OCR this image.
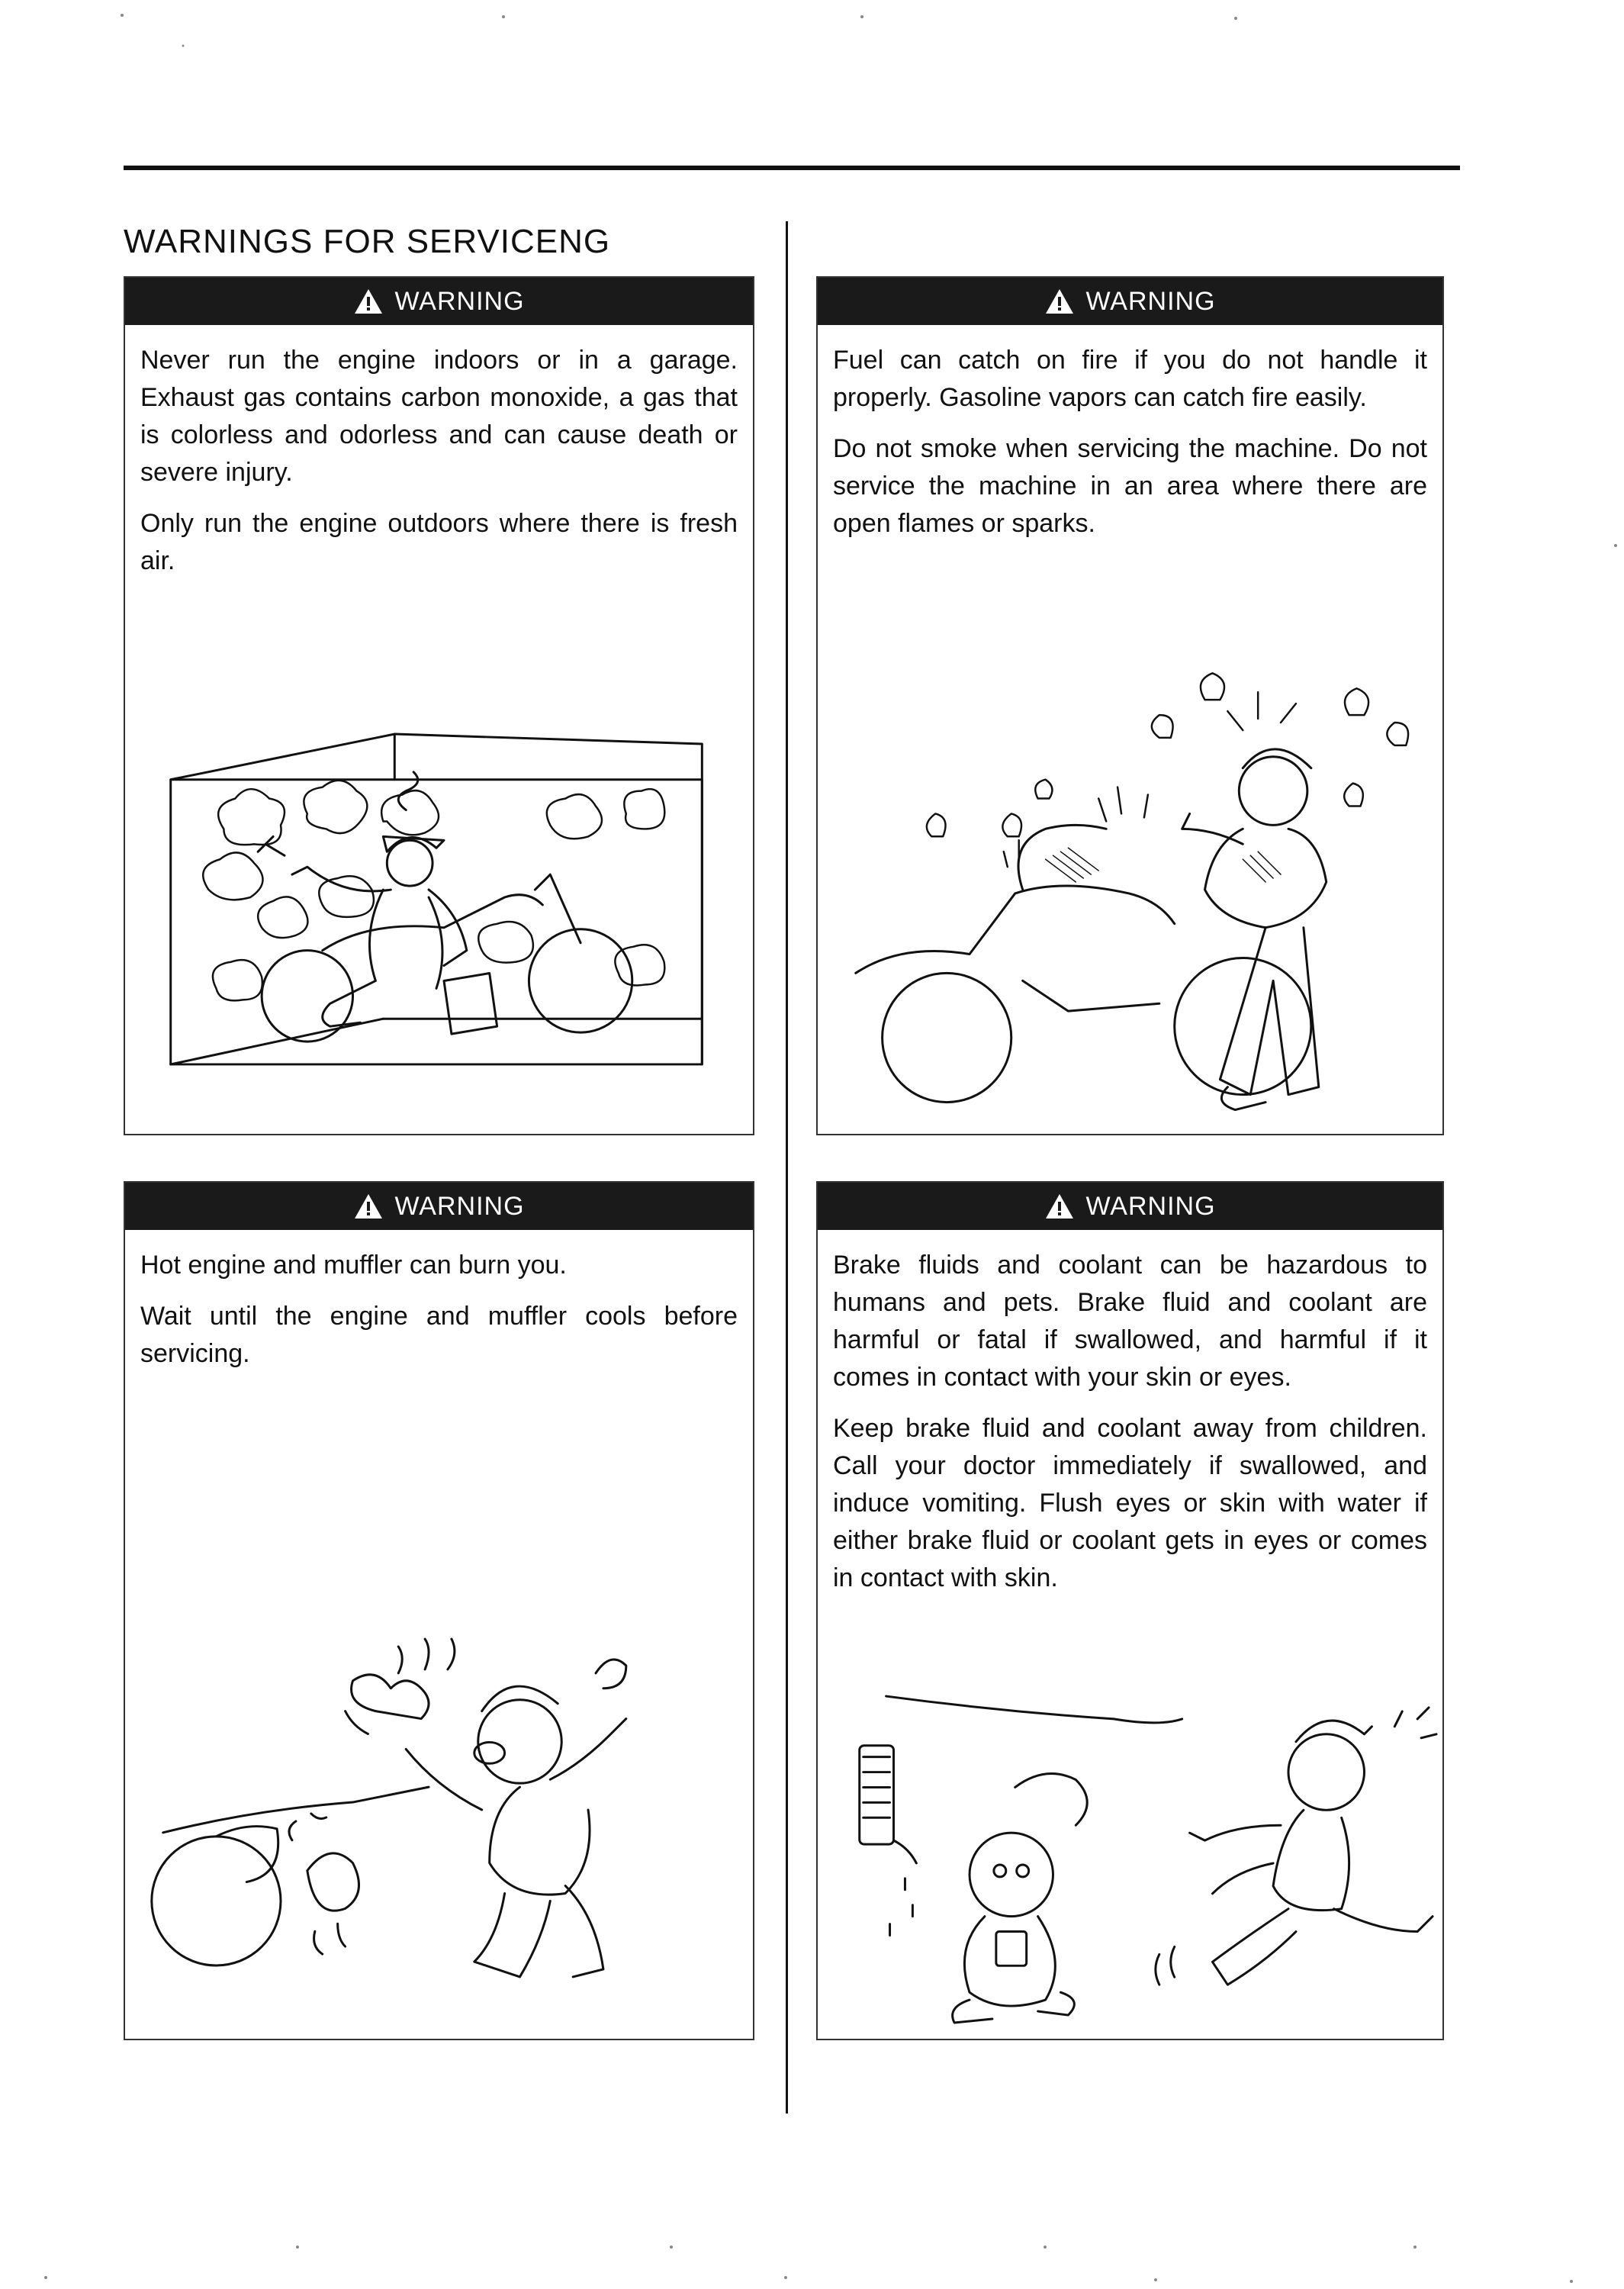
WARNINGS FOR SERVICENG
WARNING

Never run the engine indoors or in a garage. Exhaust gas contains carbon monoxide, a gas that is colorless and odorless and can cause death or severe injury.

Only run the engine outdoors where there is fresh air.

WARNING

Fuel can catch on fire if you do not handle it properly. Gasoline vapors can catch fire easily.

Do not smoke when servicing the machine. Do not service the machine in an area where there are open flames or sparks.

WARNING

Hot engine and muffler can burn you.

Wait until the engine and muffler cools before servicing.

WARNING

Brake fluids and coolant can be hazardous to humans and pets. Brake fluid and coolant are harmful or fatal if swallowed, and harmful if it comes in contact with your skin or eyes.

Keep brake fluid and coolant away from children. Call your doctor immediately if swallowed, and induce vomiting. Flush eyes or skin with water if either brake fluid or coolant gets in eyes or comes in contact with skin.
